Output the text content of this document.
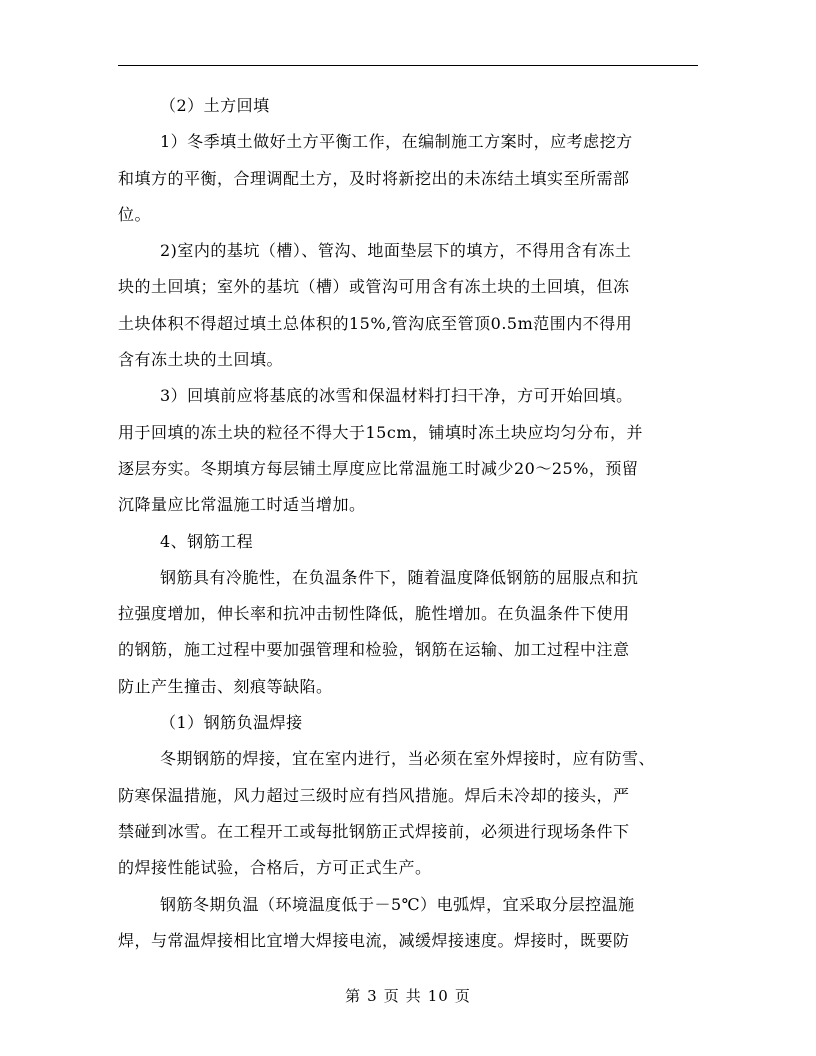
（2）土方回填
1）冬季填土做好土方平衡工作，在编制施工方案时，应考虑挖方
和填方的平衡，合理调配土方，及时将新挖出的未冻结土填实至所需部
位。
2)室内的基坑（槽）、管沟、地面垫层下的填方，不得用含有冻土
块的土回填；室外的基坑（槽）或管沟可用含有冻土块的土回填，但冻
土块体积不得超过填土总体积的15%,管沟底至管顶0.5m范围内不得用
含有冻土块的土回填。
3）回填前应将基底的冰雪和保温材料打扫干净，方可开始回填。
用于回填的冻土块的粒径不得大于15cm，铺填时冻土块应均匀分布，并
逐层夯实。冬期填方每层铺土厚度应比常温施工时减少20～25%，预留
沉降量应比常温施工时适当增加。
4、钢筋工程
钢筋具有冷脆性，在负温条件下，随着温度降低钢筋的屈服点和抗
拉强度增加，伸长率和抗冲击韧性降低，脆性增加。在负温条件下使用
的钢筋，施工过程中要加强管理和检验，钢筋在运输、加工过程中注意
防止产生撞击、刻痕等缺陷。
（1）钢筋负温焊接
冬期钢筋的焊接，宜在室内进行，当必须在室外焊接时，应有防雪、
防寒保温措施，风力超过三级时应有挡风措施。焊后未冷却的接头，严
禁碰到冰雪。在工程开工或每批钢筋正式焊接前，必须进行现场条件下
的焊接性能试验，合格后，方可正式生产。
钢筋冬期负温（环境温度低于－5℃）电弧焊，宜采取分层控温施
焊，与常温焊接相比宜增大焊接电流，减缓焊接速度。焊接时，既要防
第 3 页 共 10 页
